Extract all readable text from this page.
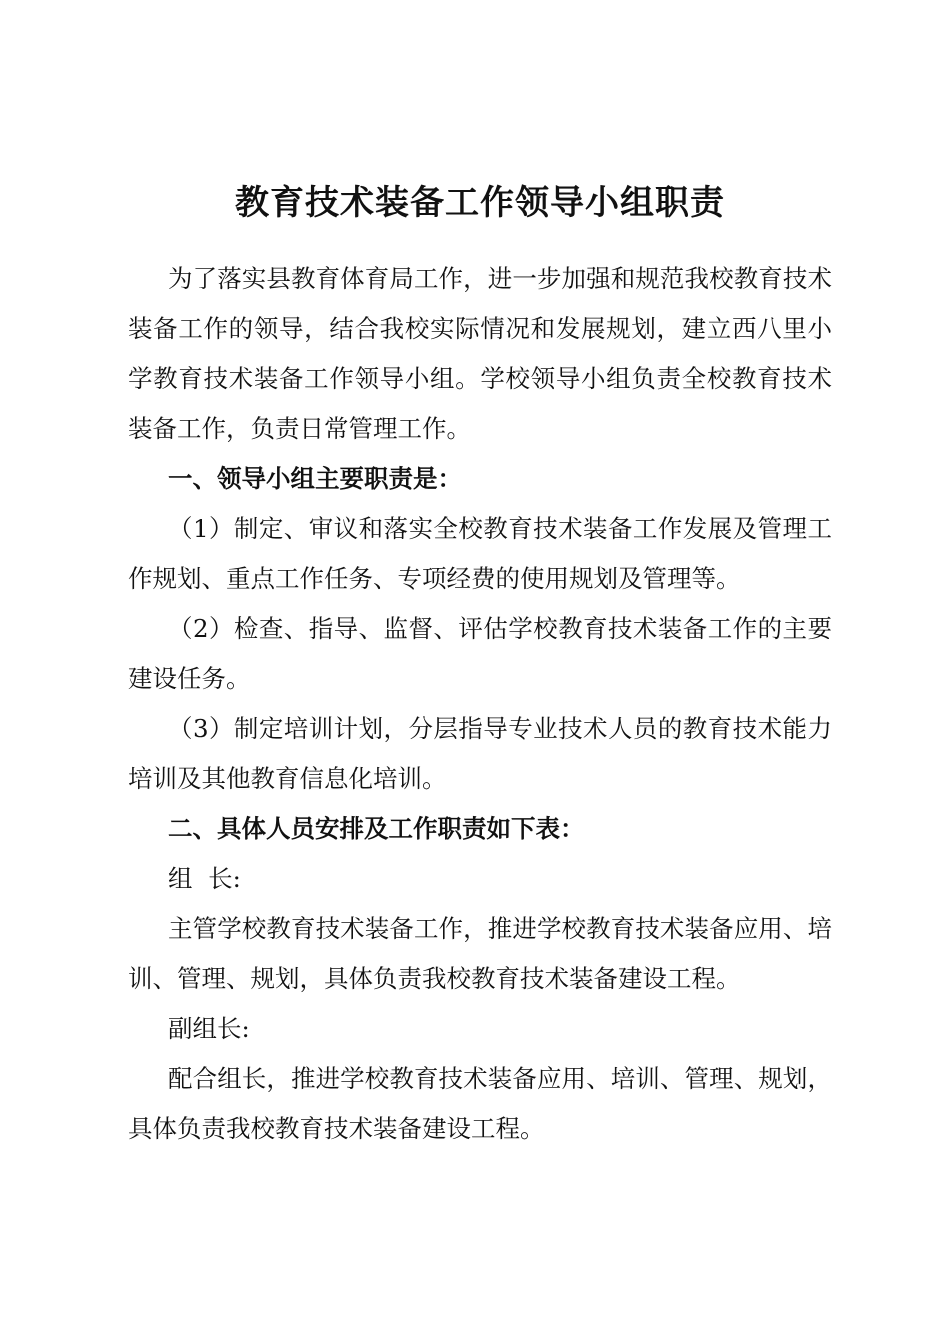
教育技术装备工作领导小组职责
为了落实县教育体育局工作，进一步加强和规范我校教育技术装备工作的领导，结合我校实际情况和发展规划，建立西八里小学教育技术装备工作领导小组。学校领导小组负责全校教育技术装备工作，负责日常管理工作。
一、领导小组主要职责是：
（1）制定、审议和落实全校教育技术装备工作发展及管理工作规划、重点工作任务、专项经费的使用规划及管理等。
（2）检查、指导、监督、评估学校教育技术装备工作的主要建设任务。
（3）制定培训计划，分层指导专业技术人员的教育技术能力培训及其他教育信息化培训。
二、具体人员安排及工作职责如下表：
组  长:
主管学校教育技术装备工作，推进学校教育技术装备应用、培训、管理、规划，具体负责我校教育技术装备建设工程。
副组长:
配合组长，推进学校教育技术装备应用、培训、管理、规划，具体负责我校教育技术装备建设工程。
